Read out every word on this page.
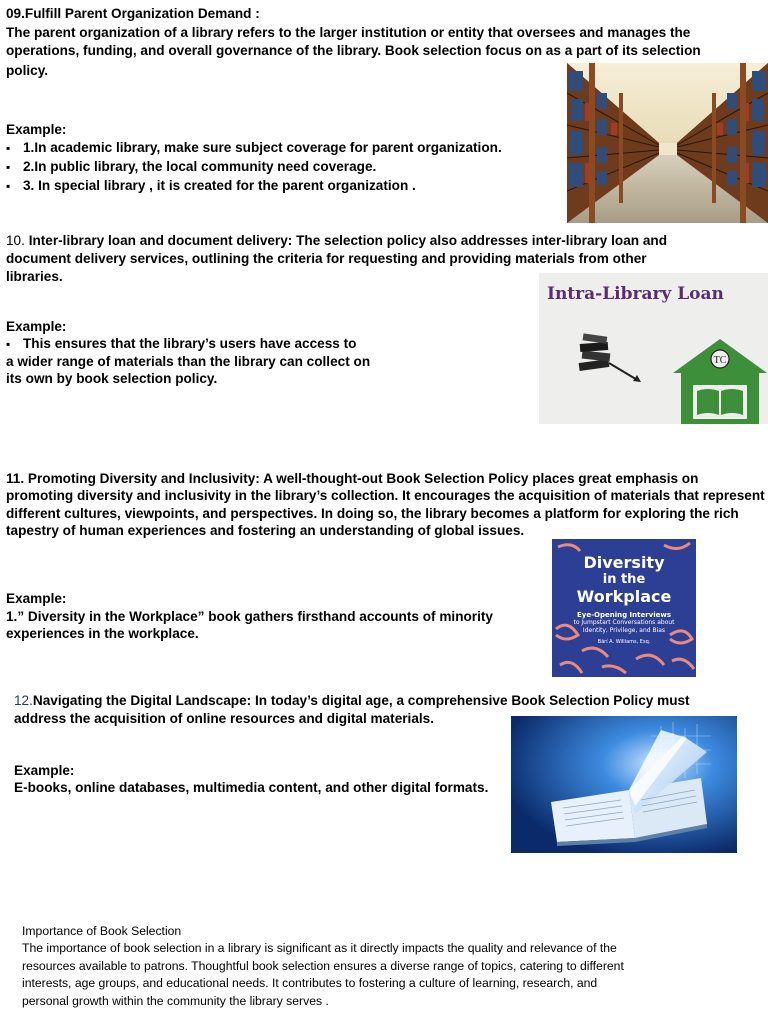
09.Fulfill Parent Organization Demand :
The parent organization of a library refers to the larger institution or entity that oversees and manages the
operations, funding, and overall governance of the library. Book selection focus on as a part of its selection
policy.
Example:
▪ 1.In academic library, make sure subject coverage for parent organization.
▪ 2.In public library, the local community need coverage.
▪ 3. In special library , it is created for the parent organization .
10. Inter-library loan and document delivery: The selection policy also addresses inter-library loan and
document delivery services, outlining the criteria for requesting and providing materials from other
libraries.
Example:
▪ This ensures that the library’s users have access to
a wider range of materials than the library can collect on
its own by book selection policy.
Intra-Library Loan
TC
11. Promoting Diversity and Inclusivity: A well-thought-out Book Selection Policy places great emphasis on
promoting diversity and inclusivity in the library’s collection. It encourages the acquisition of materials that represent
different cultures, viewpoints, and perspectives. In doing so, the library becomes a platform for exploring the rich
tapestry of human experiences and fostering an understanding of global issues.
Example:
1.” Diversity in the Workplace” book gathers firsthand accounts of minority
experiences in the workplace.
Diversity
in the
Workplace
Eye-Opening Interviews
to Jumpstart Conversations about
Identity, Privilege, and Bias
Bärí A. Williams, Esq.
12.Navigating the Digital Landscape: In today’s digital age, a comprehensive Book Selection Policy must
address the acquisition of online resources and digital materials.
Example:
E-books, online databases, multimedia content, and other digital formats.
Importance of Book Selection
The importance of book selection in a library is significant as it directly impacts the quality and relevance of the
resources available to patrons. Thoughtful book selection ensures a diverse range of topics, catering to different
interests, age groups, and educational needs. It contributes to fostering a culture of learning, research, and
personal growth within the community the library serves .
